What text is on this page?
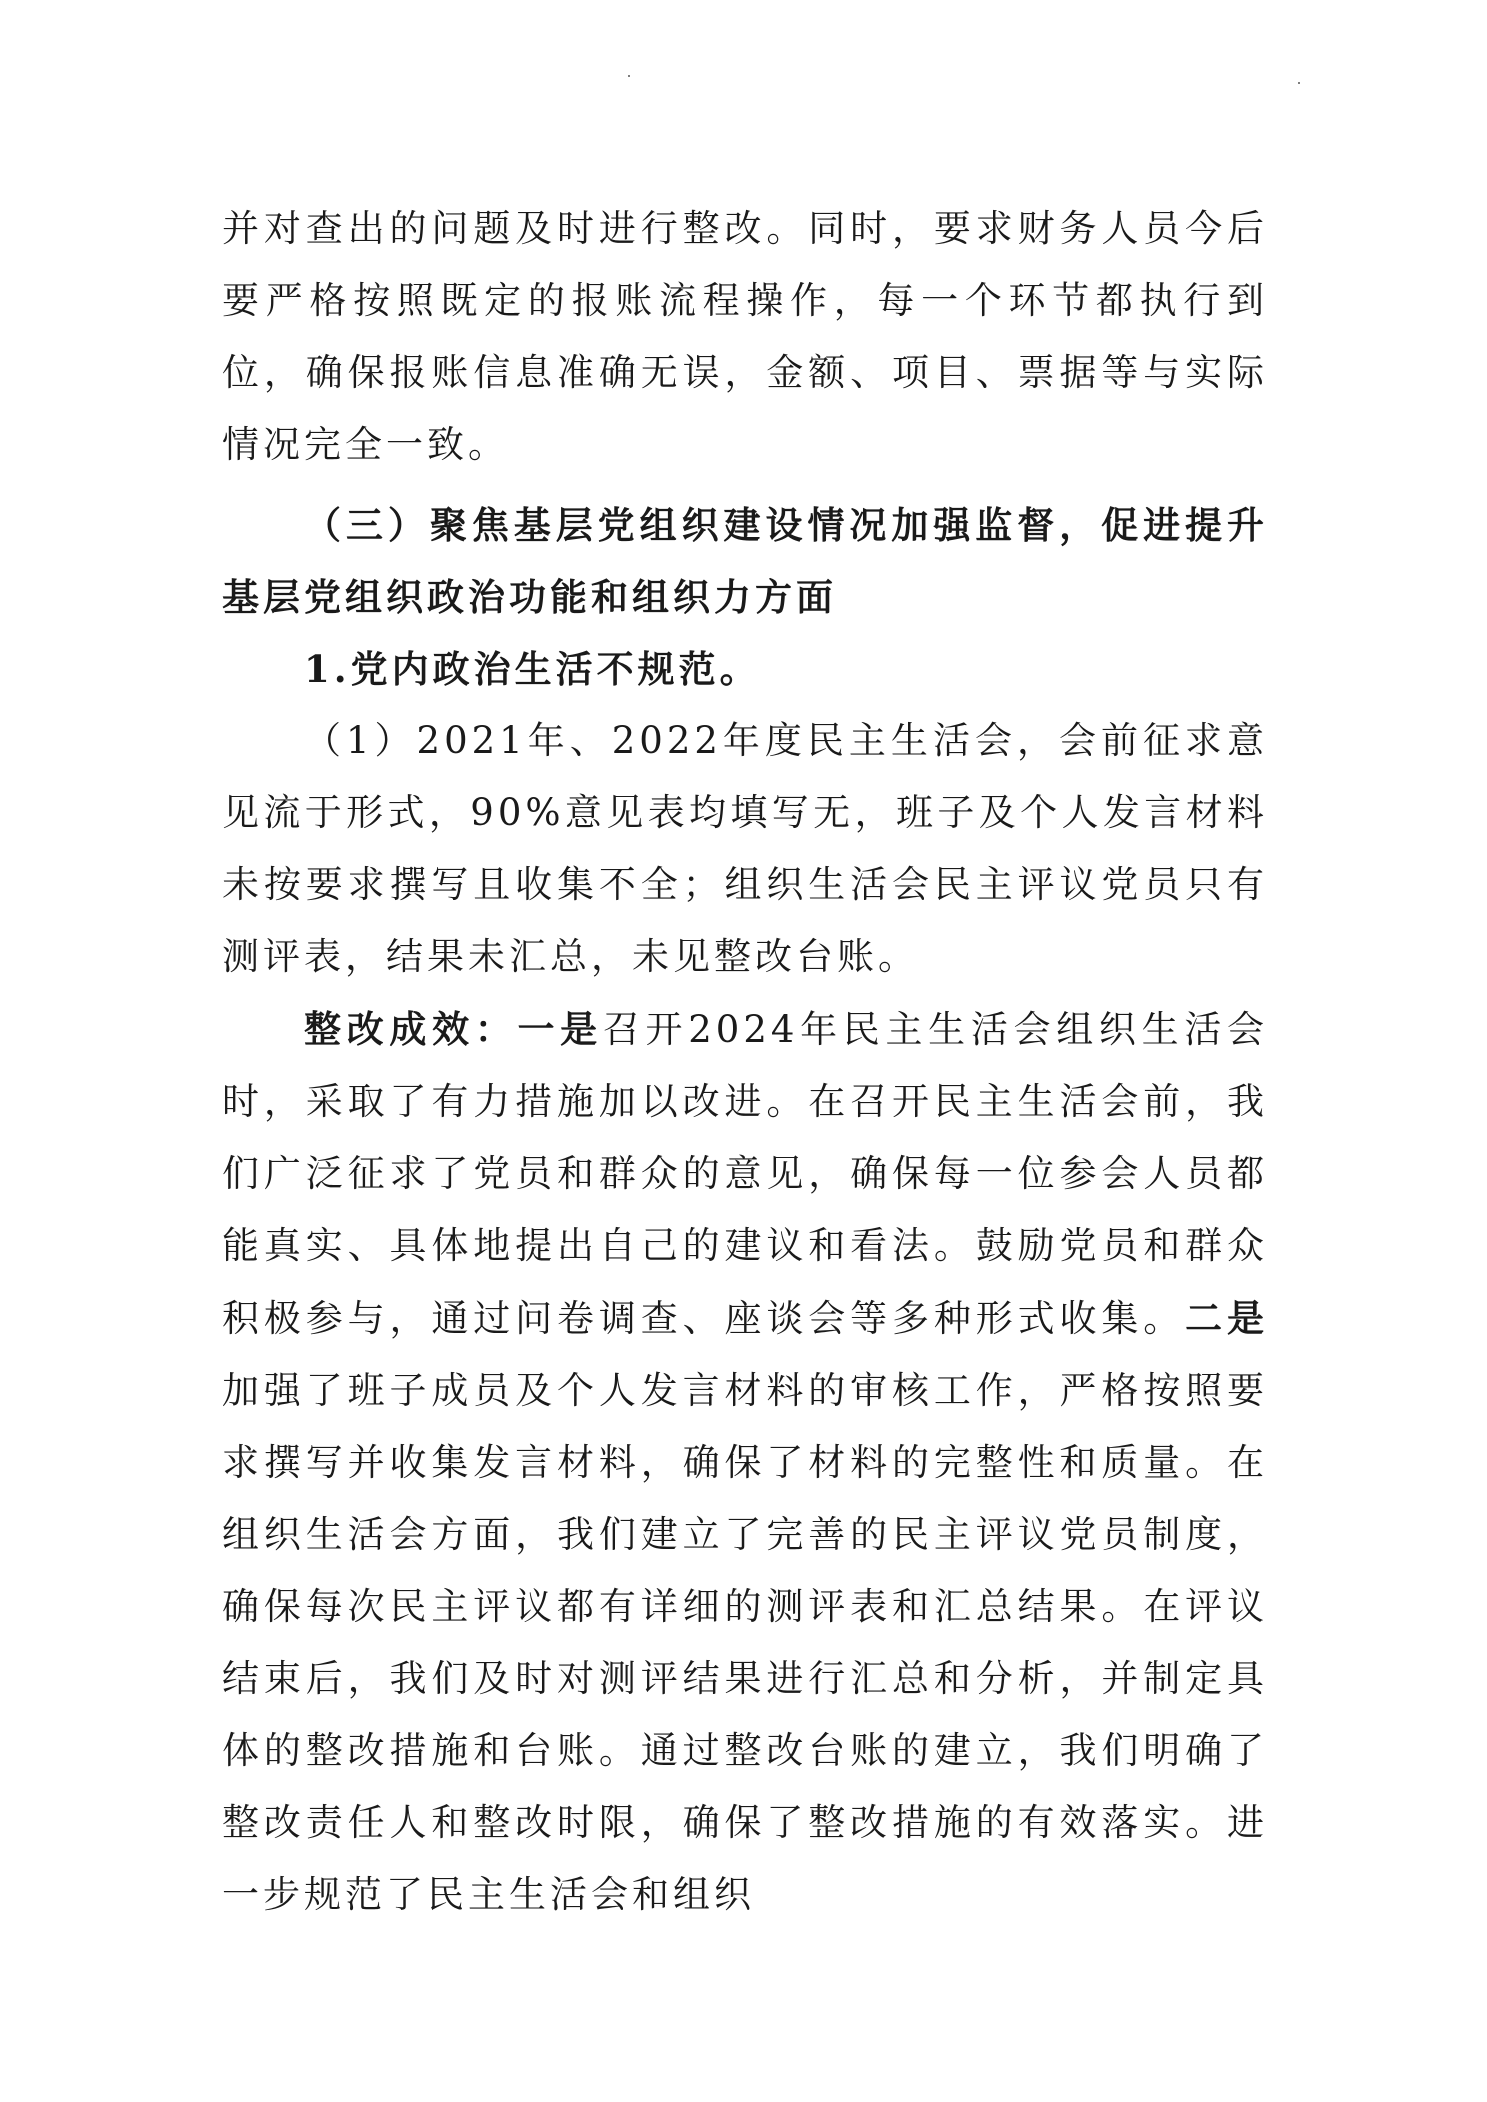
并对查出的问题及时进行整改。同时，要求财务人员今后要严格按照既定的报账流程操作，每一个环节都执行到位，确保报账信息准确无误，金额、项目、票据等与实际情况完全一致。

（三）聚焦基层党组织建设情况加强监督，促进提升基层党组织政治功能和组织力方面

1.党内政治生活不规范。

（1）2021年、2022年度民主生活会，会前征求意见流于形式，90%意见表均填写无，班子及个人发言材料未按要求撰写且收集不全；组织生活会民主评议党员只有测评表，结果未汇总，未见整改台账。

整改成效：一是召开2024年民主生活会组织生活会时，采取了有力措施加以改进。在召开民主生活会前，我们广泛征求了党员和群众的意见，确保每一位参会人员都能真实、具体地提出自己的建议和看法。鼓励党员和群众积极参与，通过问卷调查、座谈会等多种形式收集。二是加强了班子成员及个人发言材料的审核工作，严格按照要求撰写并收集发言材料，确保了材料的完整性和质量。在组织生活会方面，我们建立了完善的民主评议党员制度，确保每次民主评议都有详细的测评表和汇总结果。在评议结束后，我们及时对测评结果进行汇总和分析，并制定具体的整改措施和台账。通过整改台账的建立，我们明确了整改责任人和整改时限，确保了整改措施的有效落实。进一步规范了民主生活会和组织
